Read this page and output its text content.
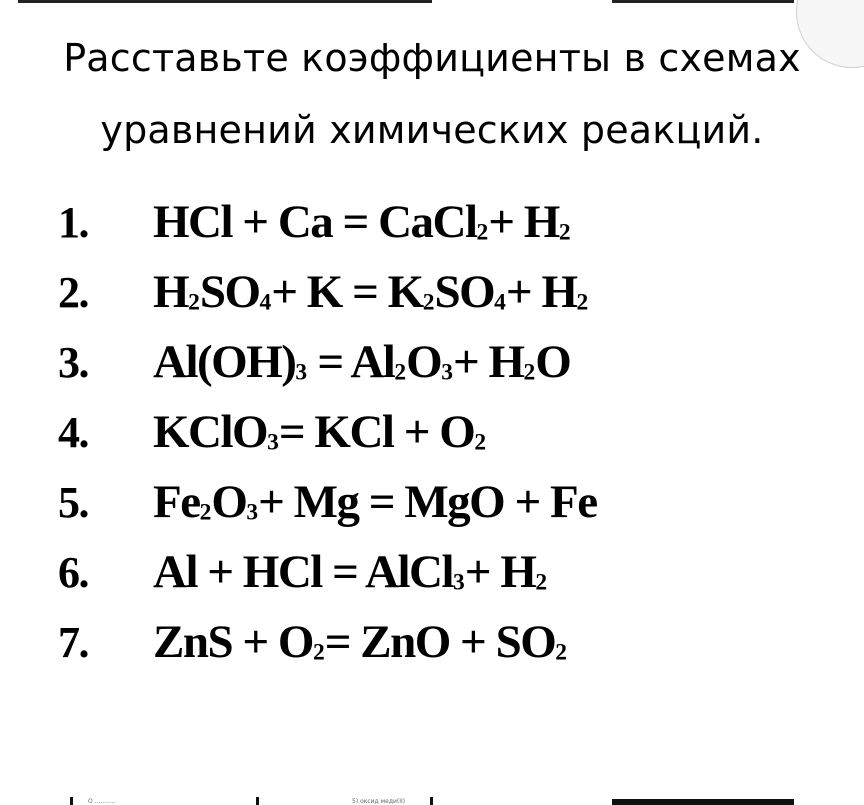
Расставьте коэффициенты в схемах
уравнений химических реакций.
1.	HCl + Ca = CaCl$_2$+ $H_2$
2.	$H_2SO_4+ K = K_2SO_4+ H_2$
3.	$Al(OH)_3 = Al_2O_3+ H_2O$
4.	KClO$_3$= KCl + $O_2$
5.	$Fe_2O_3+ Mg$ = MgO + Fe
6.	Al + HCl = AlCl$_3$+ $H_2$
7.	ZnS + $O_2=$ ZnO + $SO_2$
О ...........	5) оксид меди(II)
